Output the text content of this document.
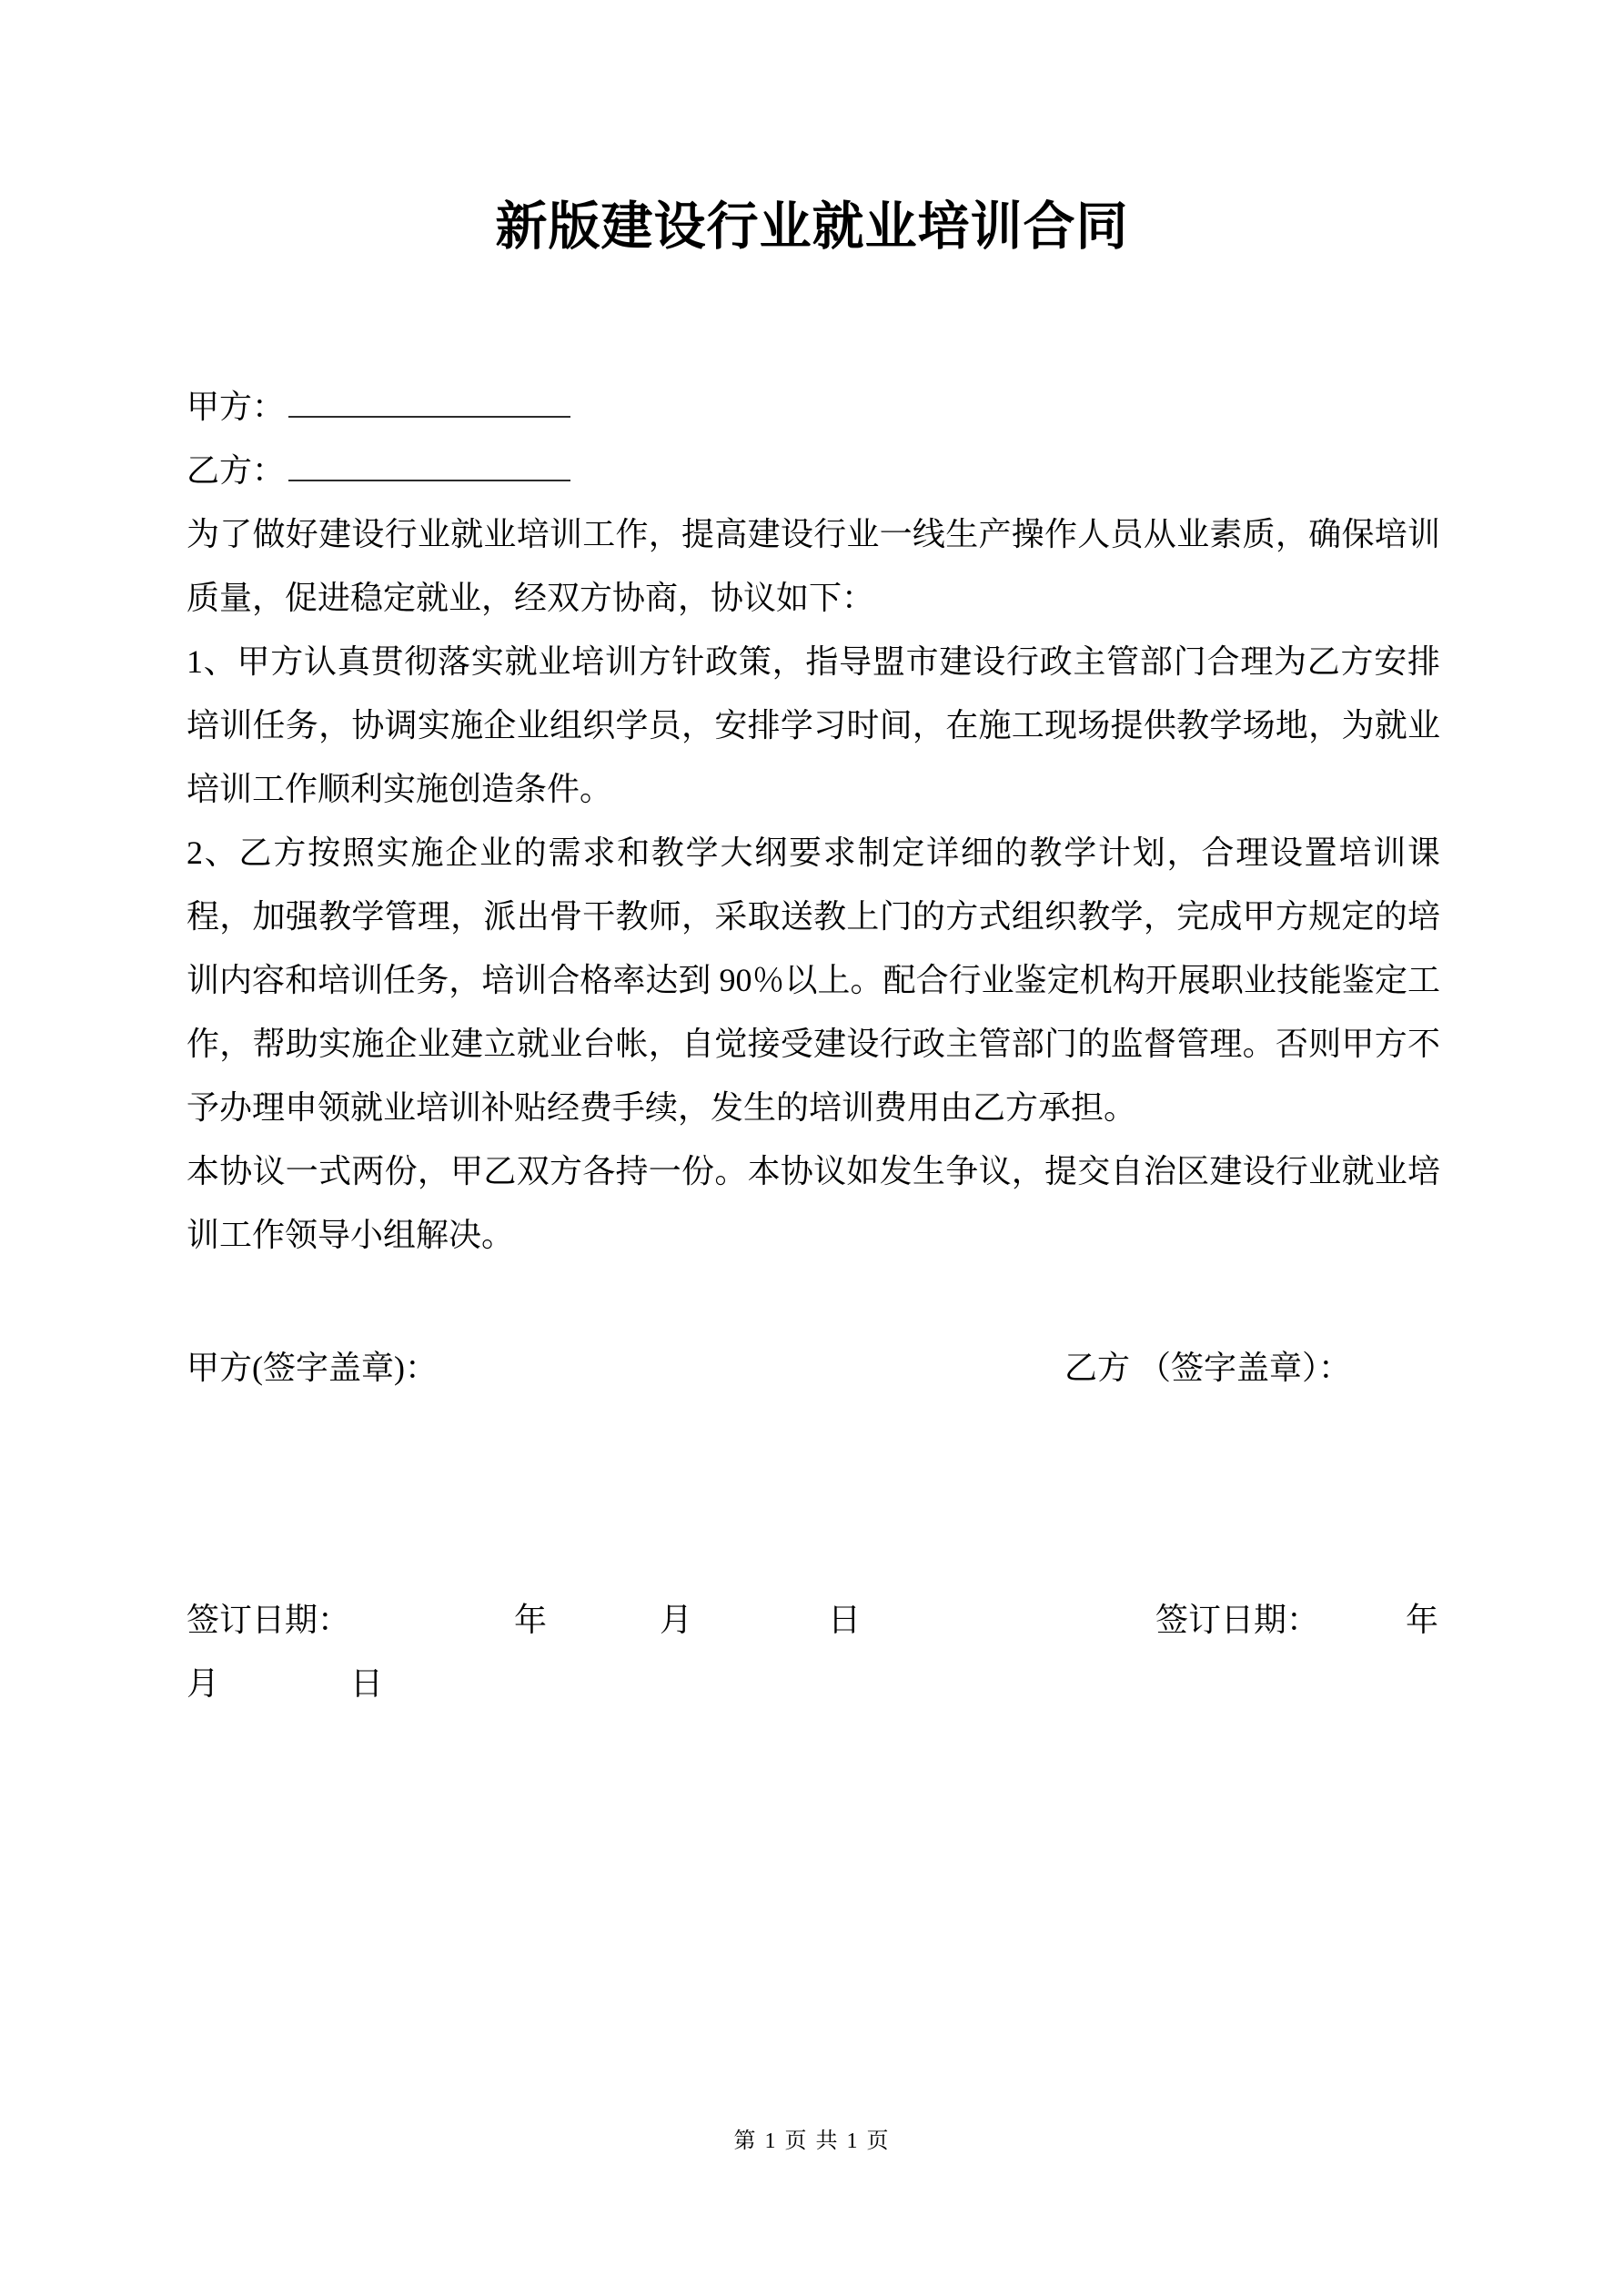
新版建设行业就业培训合同

甲方：

乙方：

为了做好建设行业就业培训工作，提高建设行业一线生产操作人员从业素质，确保培训质量，促进稳定就业，经双方协商，协议如下：

1、甲方认真贯彻落实就业培训方针政策，指导盟市建设行政主管部门合理为乙方安排培训任务，协调实施企业组织学员，安排学习时间，在施工现场提供教学场地，为就业培训工作顺利实施创造条件。

2、乙方按照实施企业的需求和教学大纲要求制定详细的教学计划，合理设置培训课程，加强教学管理，派出骨干教师，采取送教上门的方式组织教学，完成甲方规定的培训内容和培训任务，培训合格率达到 90％以上。配合行业鉴定机构开展职业技能鉴定工作，帮助实施企业建立就业台帐，自觉接受建设行政主管部门的监督管理。否则甲方不予办理申领就业培训补贴经费手续，发生的培训费用由乙方承担。

本协议一式两份，甲乙双方各持一份。本协议如发生争议，提交自治区建设行业就业培训工作领导小组解决。

甲方(签字盖章)：	乙方 （签字盖章）：
签订日期：	年	月	日	签订日期：	年
月	日
第 1 页 共 1 页
